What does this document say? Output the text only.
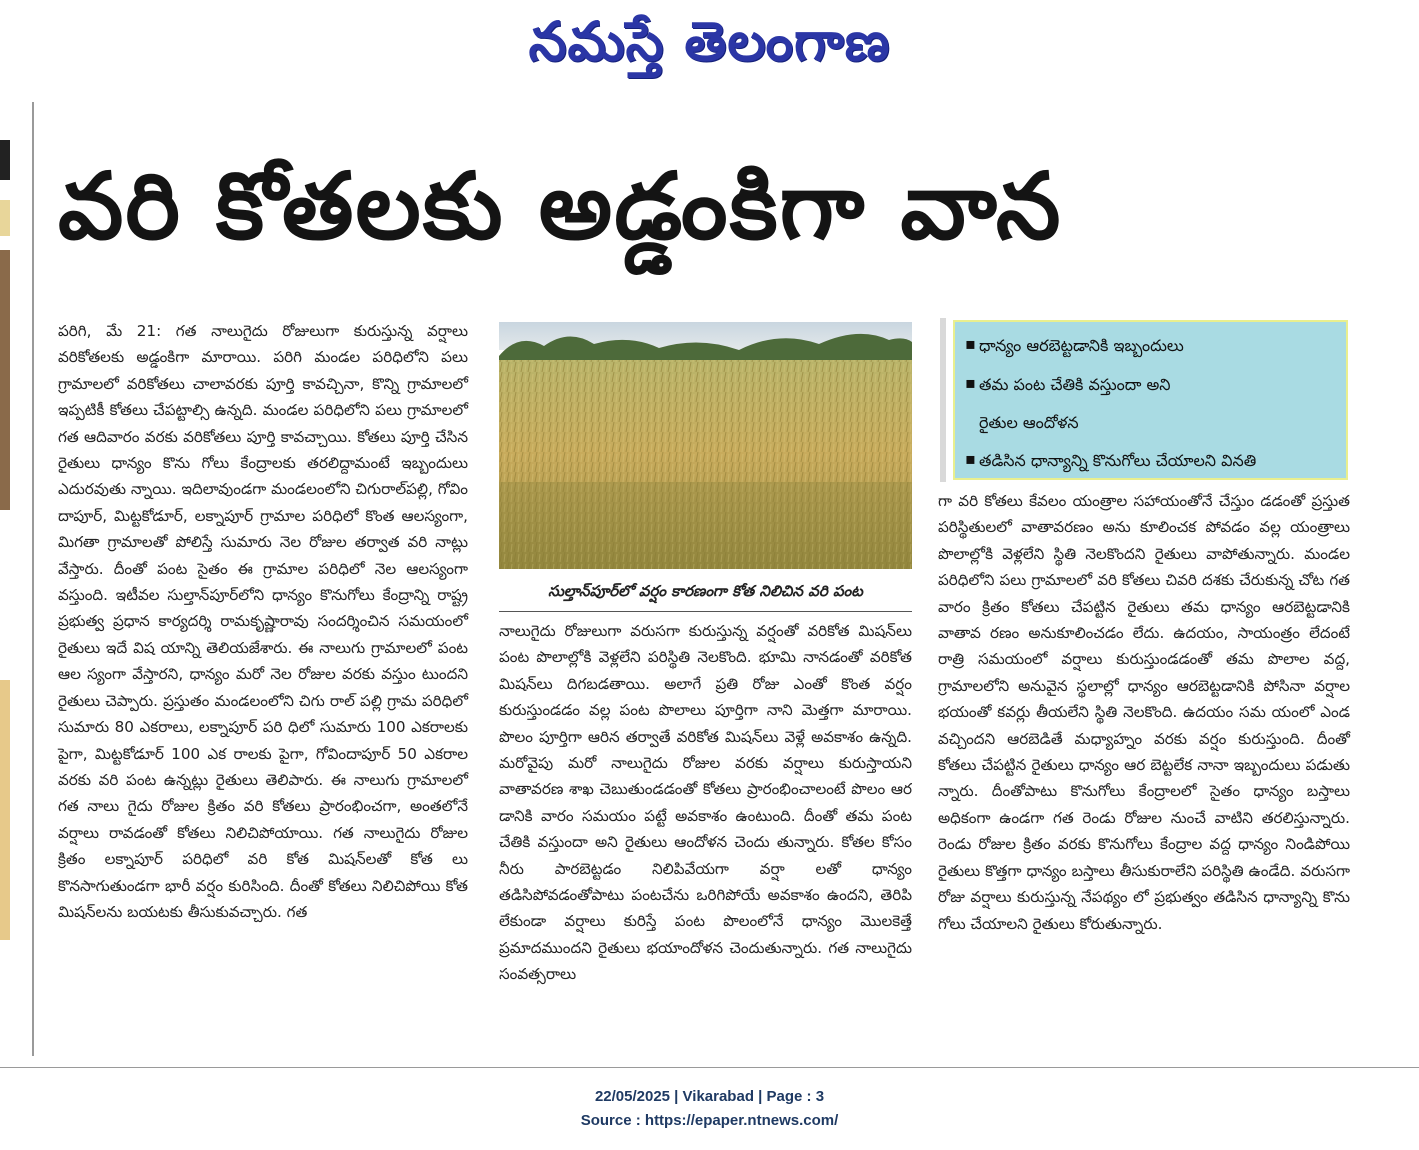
నమస్తే తెలంగాణ
వరి కోతలకు అడ్డంకిగా వాన

పరిగి, మే 21: గత నాలుగైదు రోజులుగా కురుస్తున్న వర్షాలు వరికోతలకు అడ్డంకిగా మారాయి. పరిగి మండల పరిధిలోని పలు గ్రామాలలో వరికోతలు చాలావరకు పూర్తి కావచ్చినా, కొన్ని గ్రామాలలో ఇప్పటికీ కోతలు చేపట్టాల్సి ఉన్నది. మండల పరిధిలోని పలు గ్రామాలలో గత ఆదివారం వరకు వరికోతలు పూర్తి కావచ్చాయి. కోతలు పూర్తి చేసిన రైతులు ధాన్యం కొను గోలు కేంద్రాలకు తరలిద్దామంటే ఇబ్బందులు ఎదురవుతు న్నాయి. ఇదిలావుండగా మండలంలోని చిగురాల్‌పల్లి, గోవిం దాపూర్, మిట్టకోడూర్, లక్నాపూర్ గ్రామాల పరిధిలో కొంత ఆలస్యంగా, మిగతా గ్రామాలతో పోలిస్తే సుమారు నెల రోజుల తర్వాత వరి నాట్లు వేస్తారు. దీంతో పంట సైతం ఈ గ్రామాల పరిధిలో నెల ఆలస్యంగా వస్తుంది. ఇటీవల సుల్తాన్‌పూర్‌లోని ధాన్యం కొనుగోలు కేంద్రాన్ని రాష్ట్ర ప్రభుత్వ ప్రధాన కార్యదర్శి రామకృష్ణారావు సందర్శించిన సమయంలో రైతులు ఇదే విష యాన్ని తెలియజేశారు. ఈ నాలుగు గ్రామాలలో పంట ఆల స్యంగా వేస్తారని, ధాన్యం మరో నెల రోజుల వరకు వస్తుం టుందని రైతులు చెప్పారు. ప్రస్తుతం మండలంలోని చిగు రాల్ పల్లి గ్రామ పరిధిలో సుమారు 80 ఎకరాలు, లక్నాపూర్ పరి ధిలో సుమారు 100 ఎకరాలకు పైగా, మిట్టకోడూర్ 100 ఎక రాలకు పైగా, గోవిందాపూర్ 50 ఎకరాల వరకు వరి పంట ఉన్నట్లు రైతులు తెలిపారు. ఈ నాలుగు గ్రామాలలో గత నాలు గైదు రోజుల క్రితం వరి కోతలు ప్రారంభించగా, అంతలోనే వర్షాలు రావడంతో కోతలు నిలిచిపోయాయి. గత నాలుగైదు రోజుల క్రితం లక్నాపూర్ పరిధిలో వరి కోత మిషన్‌లతో కోత లు కొనసాగుతుండగా భారీ వర్షం కురిసింది. దీంతో కోతలు నిలిచిపోయి కోత మిషన్‌లను బయటకు తీసుకువచ్చారు. గత

సుల్తాన్‌పూర్‌లో వర్షం కారణంగా కోత నిలిచిన వరి పంట

నాలుగైదు రోజులుగా వరుసగా కురుస్తున్న వర్షంతో వరికోత మిషన్‌లు పంట పొలాల్లోకి వెళ్లలేని పరిస్థితి నెలకొంది. భూమి నానడంతో వరికోత మిషన్‌లు దిగబడతాయి. అలాగే ప్రతి రోజు ఎంతో కొంత వర్షం కురుస్తుండడం వల్ల పంట పొలాలు పూర్తిగా నాని మెత్తగా మారాయి. పొలం పూర్తిగా ఆరిన తర్వాతే వరికోత మిషన్‌లు వెళ్లే అవకాశం ఉన్నది. మరోవైపు మరో నాలుగైదు రోజుల వరకు వర్షాలు కురుస్తాయని వాతావరణ శాఖ చెబుతుండడంతో కోతలు ప్రారంభించాలంటే పొలం ఆర డానికి వారం సమయం పట్టే అవకాశం ఉంటుంది. దీంతో తమ పంట చేతికి వస్తుందా అని రైతులు ఆందోళన చెందు తున్నారు. కోతల కోసం నీరు పారబెట్టడం నిలిపివేయగా వర్షా లతో ధాన్యం తడిసిపోవడంతోపాటు పంటచేను ఒరిగిపోయే అవకాశం ఉందని, తెరిపి లేకుండా వర్షాలు కురిస్తే పంట పొలంలోనే ధాన్యం మొలకెత్తే ప్రమాదముందని రైతులు భయాందోళన చెందుతున్నారు. గత నాలుగైదు సంవత్సరాలు

▪ ధాన్యం ఆరబెట్టడానికి ఇబ్బందులు
▪ తమ పంట చేతికి వస్తుందా అని
రైతుల ఆందోళన
▪ తడిసిన ధాన్యాన్ని కొనుగోలు చేయాలని వినతి

గా వరి కోతలు కేవలం యంత్రాల సహాయంతోనే చేస్తుం డడంతో ప్రస్తుత పరిస్థితులలో వాతావరణం అను కూలించక పోవడం వల్ల యంత్రాలు పొలాల్లోకి వెళ్లలేని స్థితి నెలకొందని రైతులు వాపోతున్నారు. మండల పరిధిలోని పలు గ్రామాలలో వరి కోతలు చివరి దశకు చేరుకున్న చోట గత వారం క్రితం కోతలు చేపట్టిన రైతులు తమ ధాన్యం ఆరబెట్టడానికి వాతావ రణం అనుకూలించడం లేదు. ఉదయం, సాయంత్రం లేదంటే రాత్రి సమయంలో వర్షాలు కురుస్తుండడంతో తమ పొలాల వద్ద, గ్రామాలలోని అనువైన స్థలాల్లో ధాన్యం ఆరబెట్టడానికి పోసినా వర్షాల భయంతో కవర్లు తీయలేని స్థితి నెలకొంది. ఉదయం సమ యంలో ఎండ వచ్చిందని ఆరబెడితే మధ్యాహ్నం వరకు వర్షం కురుస్తుంది. దీంతో కోతలు చేపట్టిన రైతులు ధాన్యం ఆర బెట్టలేక నానా ఇబ్బందులు పడుతు న్నారు. దీంతోపాటు కొనుగోలు కేంద్రాలలో సైతం ధాన్యం బస్తాలు అధికంగా ఉండగా గత రెండు రోజుల నుంచే వాటిని తరలిస్తున్నారు. రెండు రోజుల క్రితం వరకు కొనుగోలు కేంద్రాల వద్ద ధాన్యం నిండిపోయి రైతులు కొత్తగా ధాన్యం బస్తాలు తీసుకురాలేని పరిస్థితి ఉండేది. వరుసగా రోజు వర్షాలు కురుస్తున్న నేపథ్యం లో ప్రభుత్వం తడిసిన ధాన్యాన్ని కొను గోలు చేయాలని రైతులు కోరుతున్నారు.

22/05/2025 | Vikarabad | Page : 3
Source : https://epaper.ntnews.com/
